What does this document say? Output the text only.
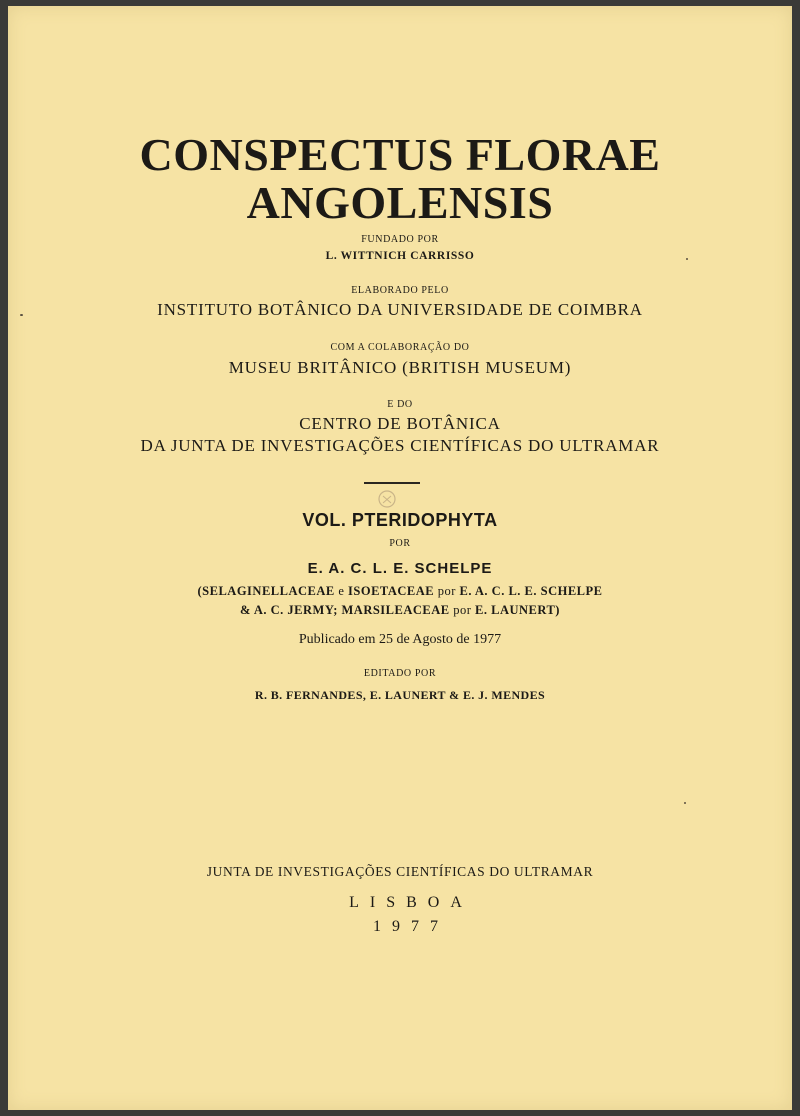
CONSPECTUS FLORAE
ANGOLENSIS
FUNDADO POR
L. WITTNICH CARRISSO
ELABORADO PELO
INSTITUTO BOTÂNICO DA UNIVERSIDADE DE COIMBRA
COM A COLABORAÇÃO DO
MUSEU BRITÂNICO (BRITISH MUSEUM)
E DO
CENTRO DE BOTÂNICA
DA JUNTA DE INVESTIGAÇÕES CIENTÍFICAS DO ULTRAMAR
VOL. PTERIDOPHYTA
POR
E. A. C. L. E. SCHELPE
(SELAGINELLACEAE e ISOETACEAE por E. A. C. L. E. SCHELPE
& A. C. JERMY; MARSILEACEAE por E. LAUNERT)
Publicado em 25 de Agosto de 1977
EDITADO POR
R. B. FERNANDES, E. LAUNERT & E. J. MENDES
JUNTA DE INVESTIGAÇÕES CIENTÍFICAS DO ULTRAMAR
LISBOA
1977
